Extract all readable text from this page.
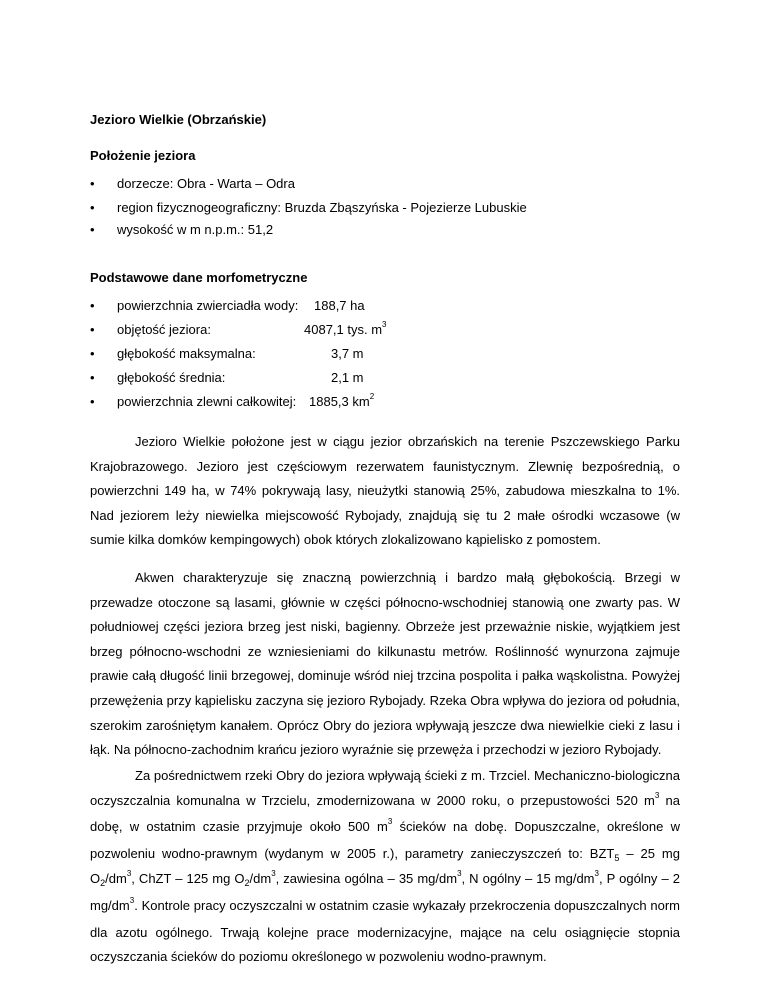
Jezioro Wielkie (Obrzańskie)
Położenie jeziora
• dorzecze: Obra - Warta – Odra
• region fizycznogeograficzny: Bruzda Zbąszyńska - Pojezierze Lubuskie
• wysokość w m n.p.m.: 51,2
Podstawowe dane morfometryczne
• powierzchnia zwierciadła wody: 188,7 ha
• objętość jeziora:	4087,1 tys. $m^3$
• głębokość maksymalna:	3,7 m
• głębokość średnia:	2,1 m
• powierzchnia zlewni całkowitej: 1885,3 $km^2$

Jezioro Wielkie położone jest w ciągu jezior obrzańskich na terenie Pszczewskiego Parku Krajobrazowego. Jezioro jest częściowym rezerwatem faunistycznym. Zlewnię bezpośrednią, o powierzchni 149 ha, w 74% pokrywają lasy, nieużytki stanowią 25%, zabudowa mieszkalna to 1%. Nad jeziorem leży niewielka miejscowość Rybojady, znajdują się tu 2 małe ośrodki wczasowe (w sumie kilka domków kempingowych) obok których zlokalizowano kąpielisko z pomostem.

Akwen charakteryzuje się znaczną powierzchnią i bardzo małą głębokością. Brzegi w przewadze otoczone są lasami, głównie w części północno-wschodniej stanowią one zwarty pas. W południowej części jeziora brzeg jest niski, bagienny. Obrzeże jest przeważnie niskie, wyjątkiem jest brzeg północno-wschodni ze wzniesieniami do kilkunastu metrów. Roślinność wynurzona zajmuje prawie całą długość linii brzegowej, dominuje wśród niej trzcina pospolita i pałka wąskolistna. Powyżej przewężenia przy kąpielisku zaczyna się jezioro Rybojady. Rzeka Obra wpływa do jeziora od południa, szerokim zarośniętym kanałem. Oprócz Obry do jeziora wpływają jeszcze dwa niewielkie cieki z lasu i łąk. Na północno-zachodnim krańcu jezioro wyraźnie się przewęża i przechodzi w jezioro Rybojady.

Za pośrednictwem rzeki Obry do jeziora wpływają ścieki z m. Trzciel. Mechaniczno-biologiczna oczyszczalnia komunalna w Trzcielu, zmodernizowana w 2000 roku, o przepustowości 520 $m^3$ na dobę, w ostatnim czasie przyjmuje około 500 $m^3$ ścieków na dobę. Dopuszczalne, określone w pozwoleniu wodno-prawnym (wydanym w 2005 r.), parametry zanieczyszczeń to: $BZT_5 - 25$ mg $O_2/dm^3$, ChZT – 125 mg $O_2/dm^3$, zawiesina ogólna – 35 $mg/dm^3$, N ogólny – 15 $mg/dm^3$, P ogólny – 2 $mg/dm^3$. Kontrole pracy oczyszczalni w ostatnim czasie wykazały przekroczenia dopuszczalnych norm dla azotu ogólnego. Trwają kolejne prace modernizacyjne, mające na celu osiągnięcie stopnia oczyszczania ścieków do poziomu określonego w pozwoleniu wodno-prawnym.
